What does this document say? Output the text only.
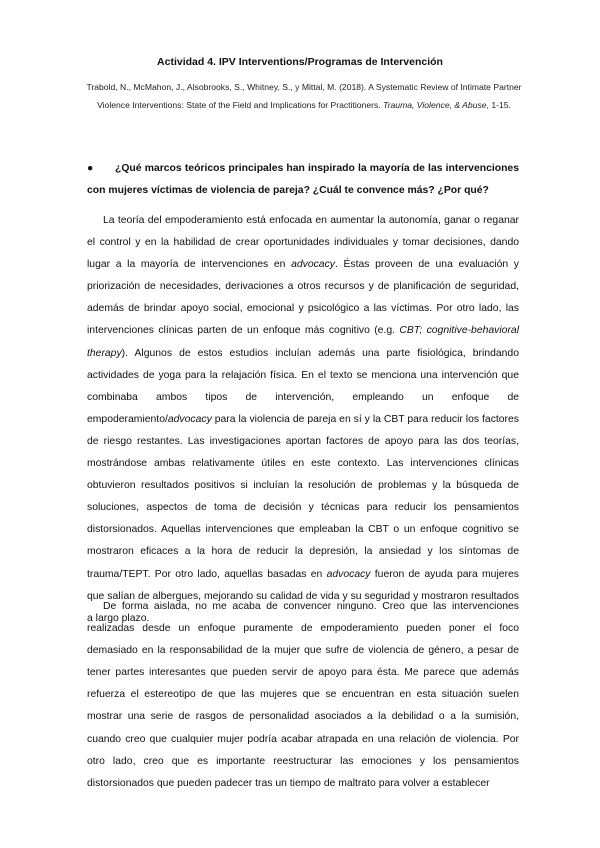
Actividad 4. IPV Interventions/Programas de Intervención
Trabold, N., McMahon, J., Alsobrooks, S., Whitney, S., y Mittal, M. (2018). A Systematic Review of Intimate Partner Violence Interventions: State of the Field and Implications for Practitioners. Trauma, Violence, & Abuse, 1-15.
●	¿Qué marcos teóricos principales han inspirado la mayoría de las intervenciones con mujeres víctimas de violencia de pareja? ¿Cuál te convence más? ¿Por qué?

La teoría del empoderamiento está enfocada en aumentar la autonomía, ganar o reganar el control y en la habilidad de crear oportunidades individuales y tomar decisiones, dando lugar a la mayoría de intervenciones en advocacy. Éstas proveen de una evaluación y priorización de necesidades, derivaciones a otros recursos y de planificación de seguridad, además de brindar apoyo social, emocional y psicológico a las víctimas. Por otro lado, las intervenciones clínicas parten de un enfoque más cognitivo (e.g. CBT; cognitive-behavioral therapy). Algunos de estos estudios incluían además una parte fisiológica, brindando actividades de yoga para la relajación física. En el texto se menciona una intervención que combinaba ambos tipos de intervención, empleando un enfoque de empoderamiento/advocacy para la violencia de pareja en sí y la CBT para reducir los factores de riesgo restantes. Las investigaciones aportan factores de apoyo para las dos teorías, mostrándose ambas relativamente útiles en este contexto. Las intervenciones clínicas obtuvieron resultados positivos si incluían la resolución de problemas y la búsqueda de soluciones, aspectos de toma de decisión y técnicas para reducir los pensamientos distorsionados. Aquellas intervenciones que empleaban la CBT o un enfoque cognitivo se mostraron eficaces a la hora de reducir la depresión, la ansiedad y los síntomas de trauma/TEPT. Por otro lado, aquellas basadas en advocacy fueron de ayuda para mujeres que salían de albergues, mejorando su calidad de vida y su seguridad y mostraron resultados a largo plazo.

De forma aislada, no me acaba de convencer ninguno. Creo que las intervenciones realizadas desde un enfoque puramente de empoderamiento pueden poner el foco demasiado en la responsabilidad de la mujer que sufre de violencia de género, a pesar de tener partes interesantes que pueden servir de apoyo para ésta. Me parece que además refuerza el estereotipo de que las mujeres que se encuentran en esta situación suelen mostrar una serie de rasgos de personalidad asociados a la debilidad o a la sumisión, cuando creo que cualquier mujer podría acabar atrapada en una relación de violencia. Por otro lado, creo que es importante reestructurar las emociones y los pensamientos distorsionados que pueden padecer tras un tiempo de maltrato para volver a establecer
